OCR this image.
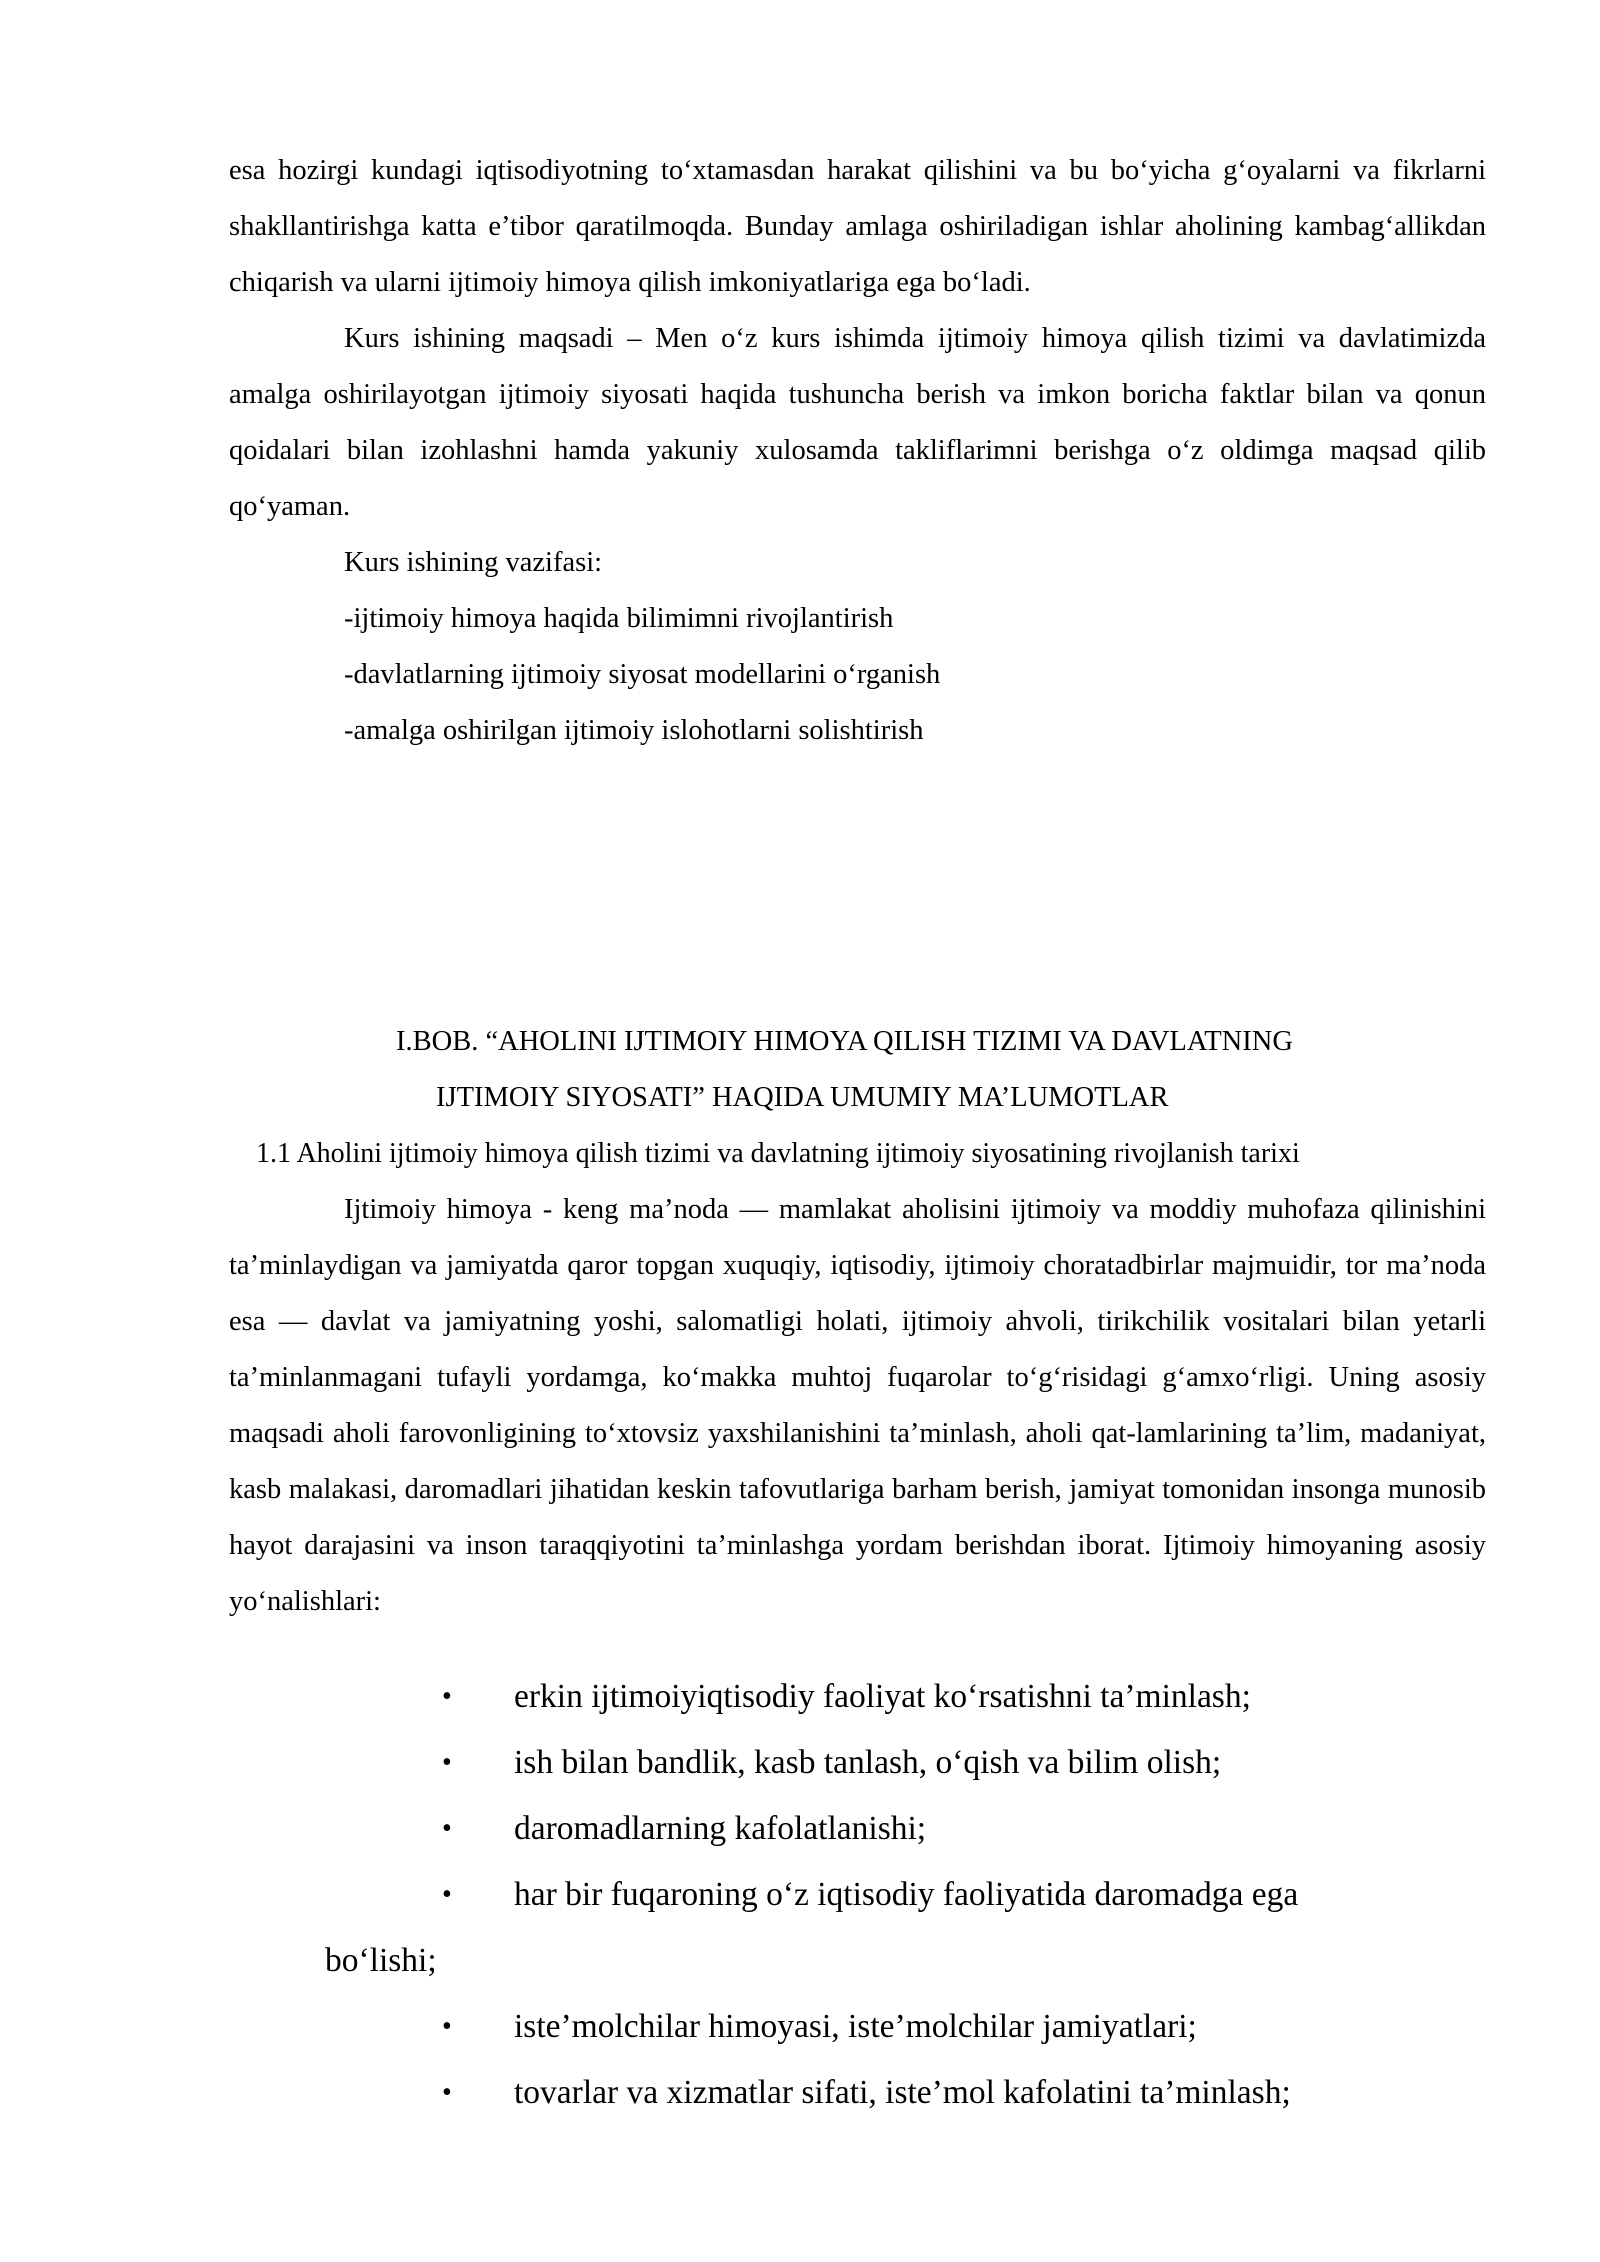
esa hozirgi kundagi iqtisodiyotning to‘xtamasdan harakat qilishini va bu bo‘yicha g‘oyalarni va fikrlarni shakllantirishga katta e’tibor qaratilmoqda. Bunday amlaga oshiriladigan ishlar aholining kambag‘allikdan chiqarish va ularni ijtimoiy himoya qilish imkoniyatlariga ega bo‘ladi.

Kurs ishining maqsadi – Men o‘z kurs ishimda ijtimoiy himoya qilish tizimi va davlatimizda amalga oshirilayotgan ijtimoiy siyosati haqida tushuncha berish va imkon boricha faktlar bilan va qonun qoidalari bilan izohlashni hamda yakuniy xulosamda takliflarimni berishga o‘z oldimga maqsad qilib qo‘yaman.

Kurs ishining vazifasi:

-ijtimoiy himoya haqida bilimimni rivojlantirish

-davlatlarning ijtimoiy siyosat modellarini o‘rganish

-amalga oshirilgan ijtimoiy islohotlarni solishtirish

I.BOB. “AHOLINI IJTIMOIY HIMOYA QILISH TIZIMI VA DAVLATNING

IJTIMOIY SIYOSATI” HAQIDA UMUMIY MA’LUMOTLAR

1.1 Aholini ijtimoiy himoya qilish tizimi va davlatning ijtimoiy siyosatining rivojlanish tarixi

Ijtimoiy himoya - keng ma’noda — mamlakat aholisini ijtimoiy va moddiy muhofaza qilinishini ta’minlaydigan va jamiyatda qaror topgan xuquqiy, iqtisodiy, ijtimoiy choratadbirlar majmuidir, tor ma’noda esa — davlat va jamiyatning yoshi, salomatligi holati, ijtimoiy ahvoli, tirikchilik vositalari bilan yetarli ta’minlanmagani tufayli yordamga, ko‘makka muhtoj fuqarolar to‘g‘risidagi g‘amxo‘rligi. Uning asosiy maqsadi aholi farovonligining to‘xtovsiz yaxshilanishini ta’minlash, aholi qat-lamlarining ta’lim, madaniyat, kasb malakasi, daromadlari jihatidan keskin tafovutlariga barham berish, jamiyat tomonidan insonga munosib hayot darajasini va inson taraqqiyotini ta’minlashga yordam berishdan iborat. Ijtimoiy himoyaning asosiy yo‘nalishlari:

• erkin ijtimoiyiqtisodiy faoliyat ko‘rsatishni ta’minlash;

• ish bilan bandlik, kasb tanlash, o‘qish va bilim olish;

• daromadlarning kafolatlanishi;

• har bir fuqaroning o‘z iqtisodiy faoliyatida daromadga ega

bo‘lishi;

• iste’molchilar himoyasi, iste’molchilar jamiyatlari;

• tovarlar va xizmatlar sifati, iste’mol kafolatini ta’minlash;
